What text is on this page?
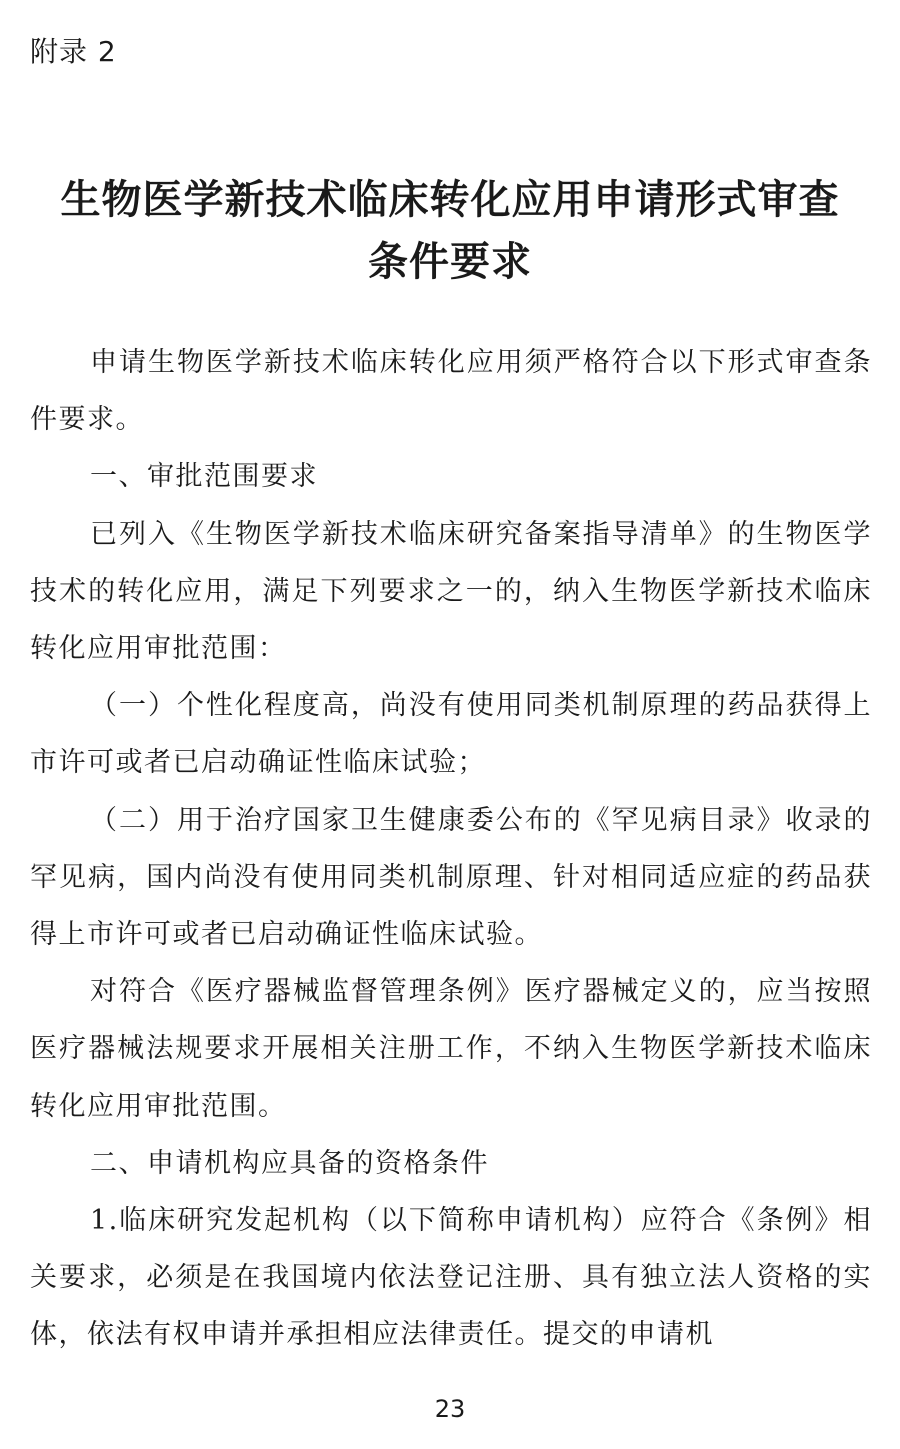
附录 2
生物医学新技术临床转化应用申请形式审查
条件要求

申请生物医学新技术临床转化应用须严格符合以下形式审查条件要求。

一、审批范围要求

已列入《生物医学新技术临床研究备案指导清单》的生物医学技术的转化应用，满足下列要求之一的，纳入生物医学新技术临床转化应用审批范围：

（一）个性化程度高，尚没有使用同类机制原理的药品获得上市许可或者已启动确证性临床试验；

（二）用于治疗国家卫生健康委公布的《罕见病目录》收录的罕见病，国内尚没有使用同类机制原理、针对相同适应症的药品获得上市许可或者已启动确证性临床试验。

对符合《医疗器械监督管理条例》医疗器械定义的，应当按照医疗器械法规要求开展相关注册工作，不纳入生物医学新技术临床转化应用审批范围。

二、申请机构应具备的资格条件

1.临床研究发起机构（以下简称申请机构）应符合《条例》相关要求，必须是在我国境内依法登记注册、具有独立法人资格的实体，依法有权申请并承担相应法律责任。提交的申请机

23
